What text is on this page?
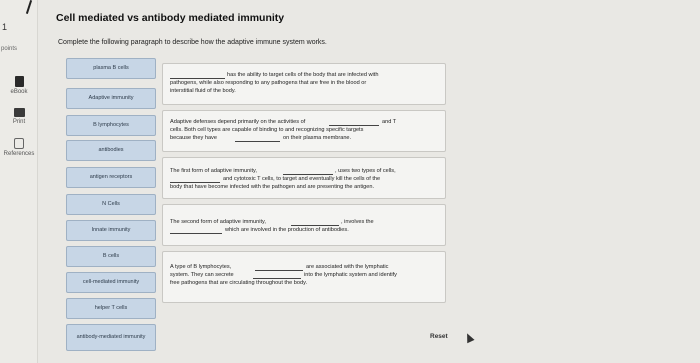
1
points
eBook
Print
References
Cell mediated vs antibody mediated immunity
Complete the following paragraph to describe how the adaptive immune system works.
plasma B cells
Adaptive immunity
B lymphocytes
antibodies
antigen receptors
N Cells
Innate immunity
B cells
cell-mediated immunity
helper T cells
antibody-mediated immunity
has the ability to target cells of the body that are infected with
pathogens, while also responding to any pathogens that are free in the blood or
interstitial fluid of the body.
Adaptive defenses depend primarily on the activities of	and T
cells. Both cell types are capable of binding to and recognizing specific targets
because they have	on their plasma membrane.
The first form of adaptive immunity,	, uses two types of cells,
and cytotoxic T cells, to target and eventually kill the cells of the
body that have become infected with the pathogen and are presenting the antigen.
The second form of adaptive immunity,	, involves the
which are involved in the production of antibodies.
A type of B lymphocytes,	are associated with the lymphatic
system. They can secrete	into the lymphatic system and identify
free pathogens that are circulating throughout the body.
Reset
